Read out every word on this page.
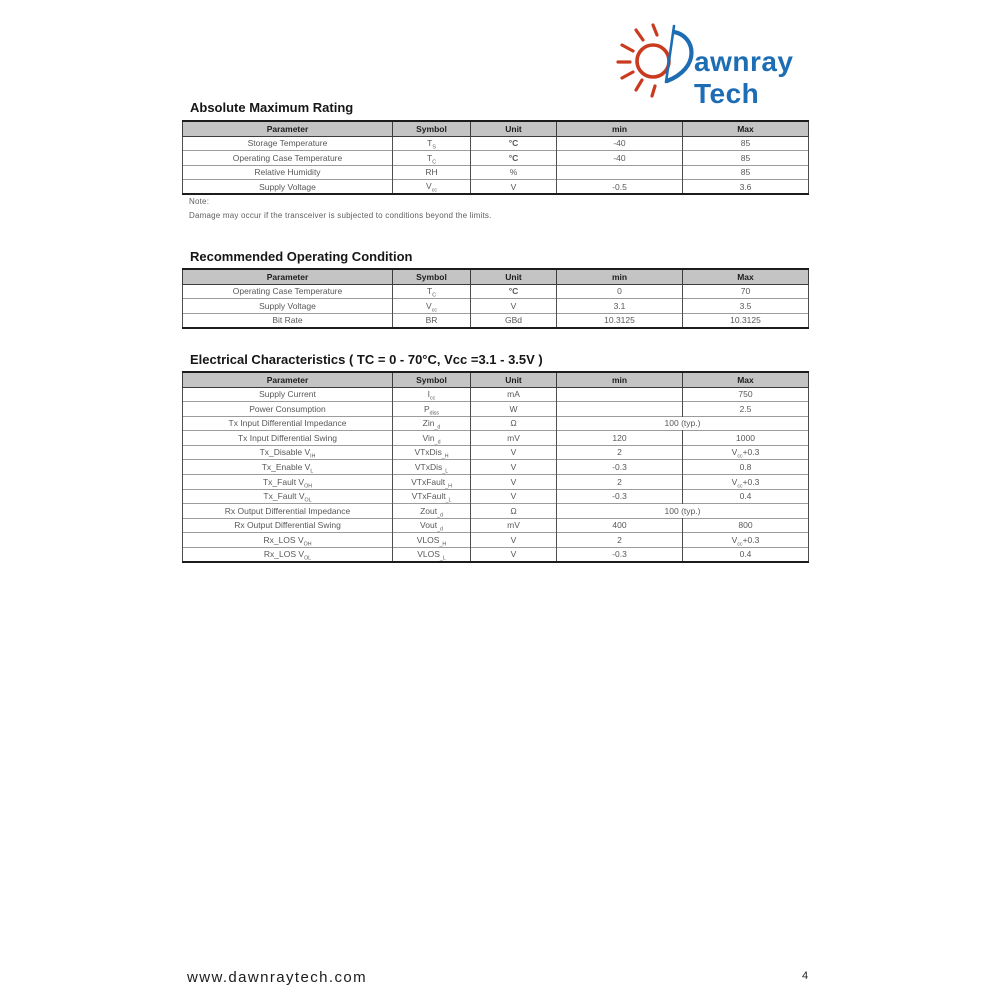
awnray Tech
Absolute Maximum Rating
Parameter	Symbol	Unit	min	Max
Storage Temperature	$T_S$	°C	-40	85
Operating Case Temperature	$T_C$	°C	-40	85
Relative Humidity	RH	%		85
Supply Voltage	$V_{cc}$	V	-0.5	3.6
Note:
Damage may occur if the transceiver is subjected to conditions beyond the limits.
Recommended Operating Condition
Parameter	Symbol	Unit	min	Max
Operating Case Temperature	$T_C$	°C	0	70
Supply Voltage	$V_{cc}$	V	3.1	3.5
Bit Rate	BR	GBd	10.3125	10.3125
Electrical Characteristics ( TC = 0 - 70°C, Vcc =3.1 - 3.5V )
Parameter	Symbol	Unit	min	Max
Supply Current	$I_{cc}$	mA		750
Power Consumption	$P_{diss}$	W		2.5
Tx Input Differential Impedance	Zin$_{\_d}$	Ω	100 (typ.)	
Tx Input Differential Swing	Vin$_{\_d}$	mV	120	1000
Tx_Disable $V_{IH}$	VTxDis$_{\_H}$	V	2	$V_{cc}+0.3$
Tx_Enable $V_L$	VTxDis$_{\_L}$	V	-0.3	0.8
Tx_Fault $V_{OH}$	VTxFault$_{\_H}$	V	2	$V_{cc}+0.3$
Tx_Fault $V_{OL}$	VTxFault$_{\_L}$	V	-0.3	0.4
Rx Output Differential Impedance	Zout$_{\_d}$	Ω	100 (typ.)	
Rx Output Differential Swing	Vout$_{\_d}$	mV	400	800
Rx_LOS $V_{OH}$	$VLOS_{\_H}$	V	2	$V_{cc}+0.3$
Rx_LOS $V_{OL}$	$VLOS_{\_L}$	V	-0.3	0.4
www.dawnraytech.com	4
